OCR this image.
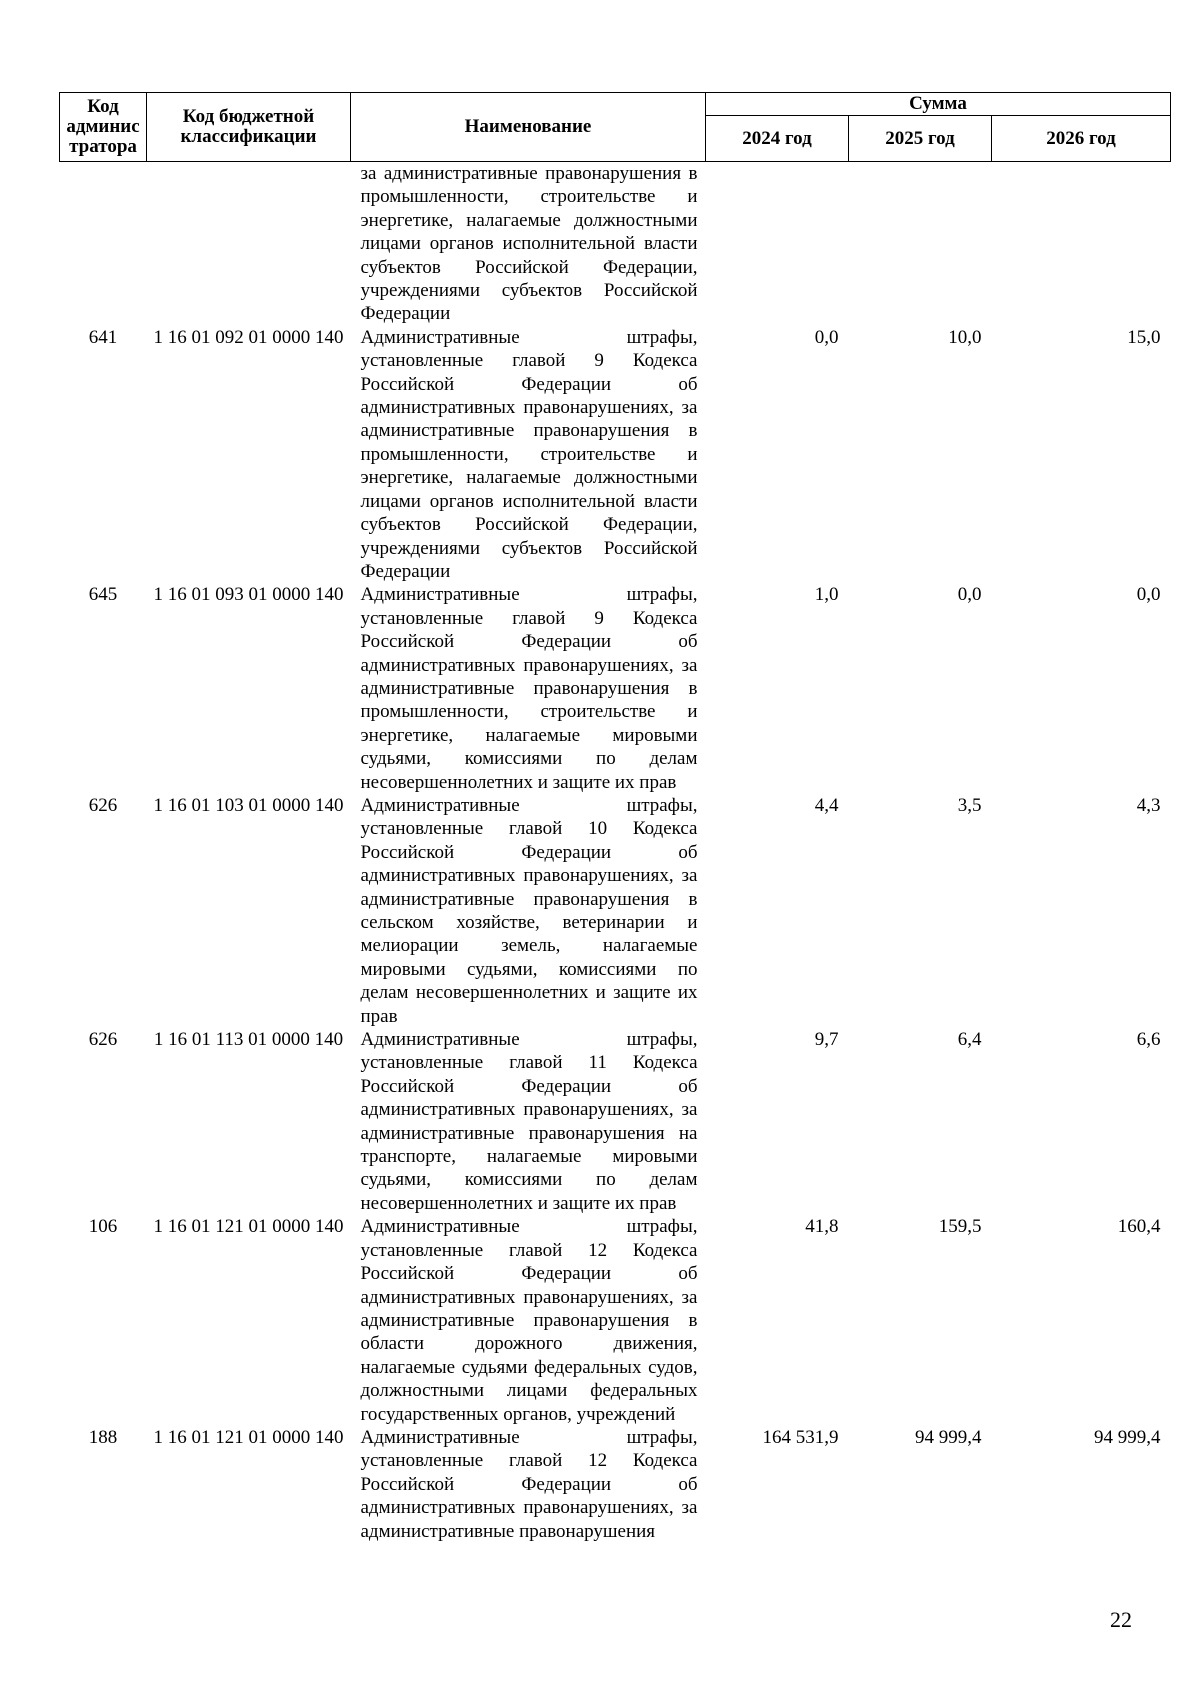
Код админис тратора	Код бюджетной классификации	Наименование	Сумма		
			2024 год	2025 год	2026 год
		за административные правонарушения в промышленности, строительстве и энергетике, налагаемые должностными лицами органов исполнительной власти субъектов Российской Федерации, учреждениями субъектов Российской Федерации			
641	1 16 01 092 01 0000 140	Административные штрафы, установленные главой 9 Кодекса Российской Федерации об административных правонарушениях, за административные правонарушения в промышленности, строительстве и энергетике, налагаемые должностными лицами органов исполнительной власти субъектов Российской Федерации, учреждениями субъектов Российской Федерации	0,0	10,0	15,0
645	1 16 01 093 01 0000 140	Административные штрафы, установленные главой 9 Кодекса Российской Федерации об административных правонарушениях, за административные правонарушения в промышленности, строительстве и энергетике, налагаемые мировыми судьями, комиссиями по делам несовершеннолетних и защите их прав	1,0	0,0	0,0
626	1 16 01 103 01 0000 140	Административные штрафы, установленные главой 10 Кодекса Российской Федерации об административных правонарушениях, за административные правонарушения в сельском хозяйстве, ветеринарии и мелиорации земель, налагаемые мировыми судьями, комиссиями по делам несовершеннолетних и защите их прав	4,4	3,5	4,3
626	1 16 01 113 01 0000 140	Административные штрафы, установленные главой 11 Кодекса Российской Федерации об административных правонарушениях, за административные правонарушения на транспорте, налагаемые мировыми судьями, комиссиями по делам несовершеннолетних и защите их прав	9,7	6,4	6,6
106	1 16 01 121 01 0000 140	Административные штрафы, установленные главой 12 Кодекса Российской Федерации об административных правонарушениях, за административные правонарушения в области дорожного движения, налагаемые судьями федеральных судов, должностными лицами федеральных государственных органов, учреждений	41,8	159,5	160,4
188	1 16 01 121 01 0000 140	Административные штрафы, установленные главой 12 Кодекса Российской Федерации об административных правонарушениях, за административные правонарушения	164 531,9	94 999,4	94 999,4
22
